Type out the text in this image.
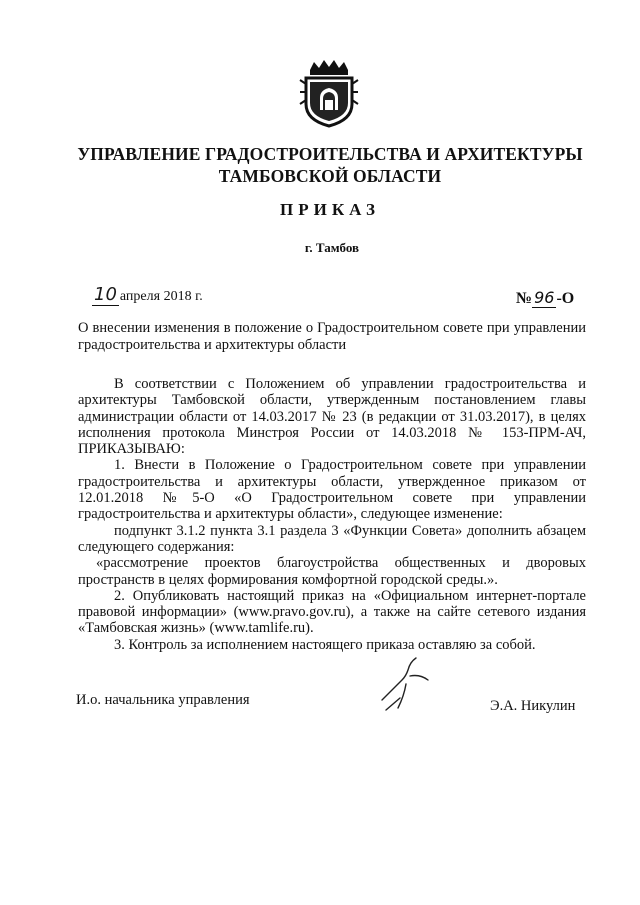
УПРАВЛЕНИЕ ГРАДОСТРОИТЕЛЬСТВА И АРХИТЕКТУРЫ
ТАМБОВСКОЙ ОБЛАСТИ
ПРИКАЗ
г. Тамбов
10 апреля 2018 г.	№ 96 -О
О внесении изменения в положение о Градостроительном совете при управлении градостроительства и архитектуры области

В соответствии с Положением об управлении градостроительства и архитектуры Тамбовской области, утвержденным постановлением главы администрации области от 14.03.2017 № 23 (в редакции от 31.03.2017), в целях исполнения протокола Минстроя России от 14.03.2018 № 153-ПРМ-АЧ, ПРИКАЗЫВАЮ:

1. Внести в Положение о Градостроительном совете при управлении градостроительства и архитектуры области, утвержденное приказом от 12.01.2018 №5-О «О Градостроительном совете при управлении градостроительства и архитектуры области», следующее изменение:

подпункт 3.1.2 пункта 3.1 раздела 3 «Функции Совета» дополнить абзацем следующего содержания:

«рассмотрение проектов благоустройства общественных и дворовых пространств в целях формирования комфортной городской среды.».

2. Опубликовать настоящий приказ на «Официальном интернет-портале правовой информации» (www.pravo.gov.ru), а также на сайте сетевого издания «Тамбовская жизнь» (www.tamlife.ru).

3. Контроль за исполнением настоящего приказа оставляю за собой.

И.о. начальника управления	Э.А. Никулин
